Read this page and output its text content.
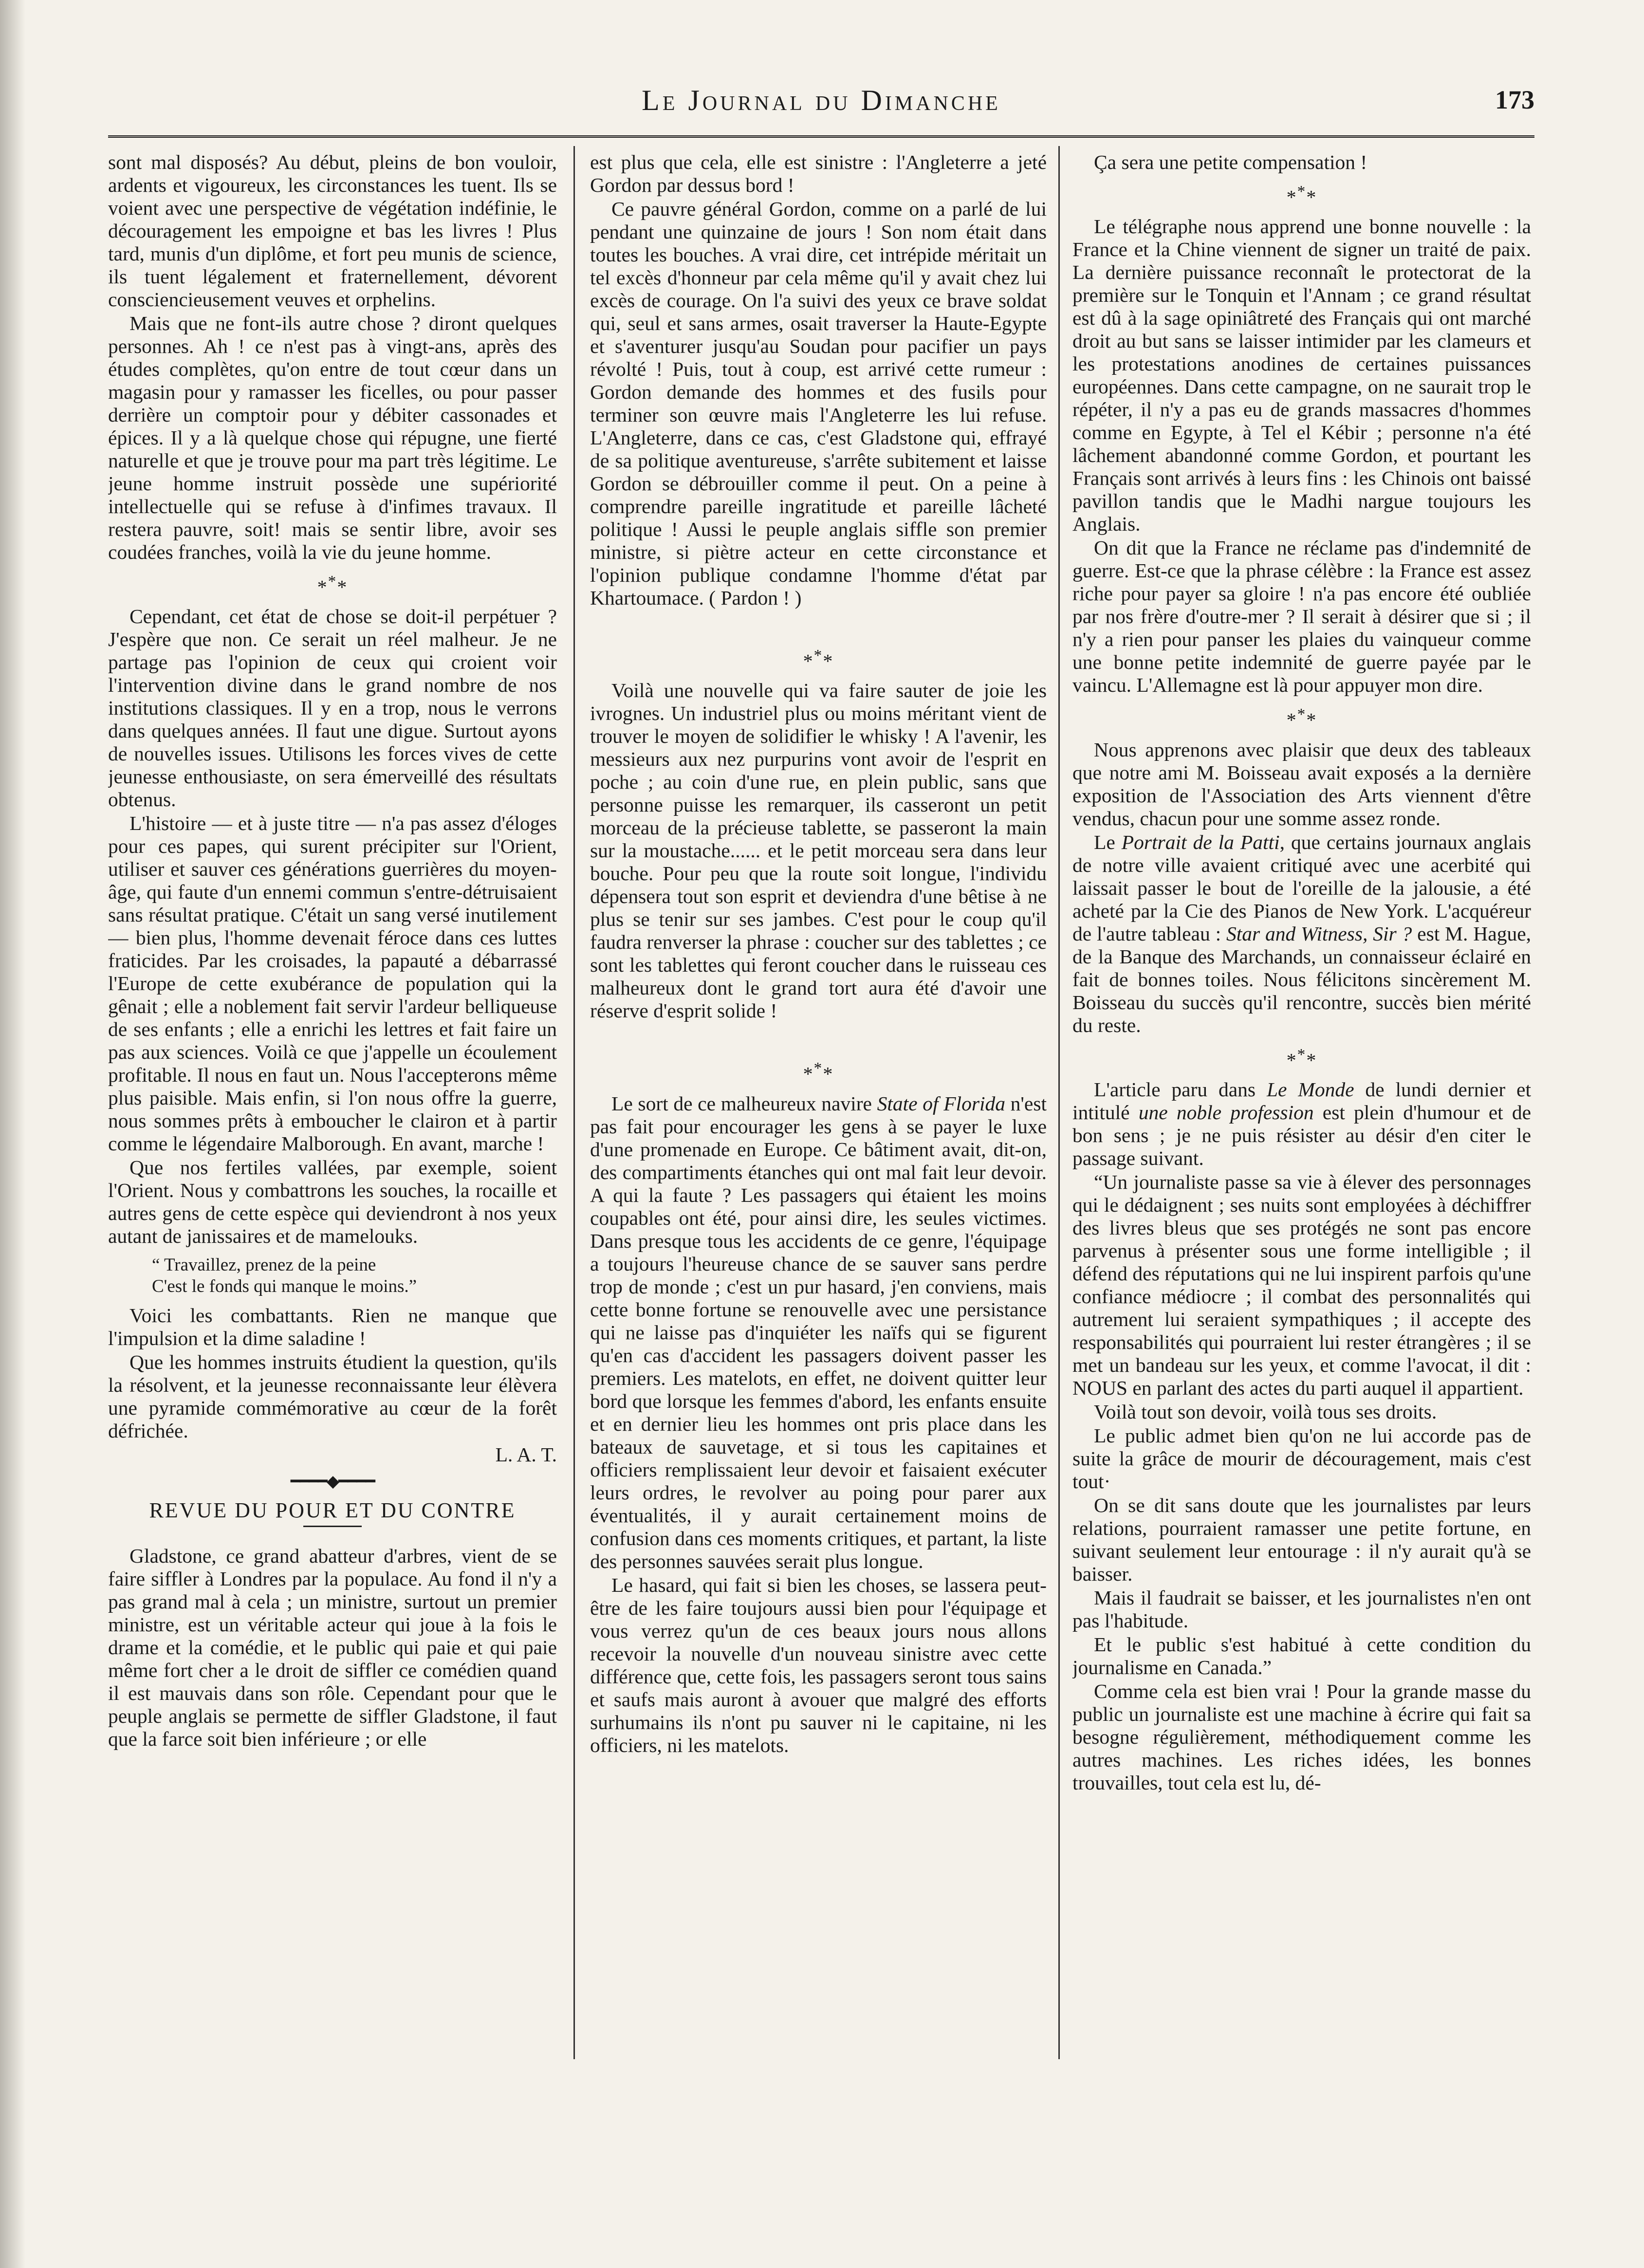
Le Journal du Dimanche	173

sont mal disposés? Au début, pleins de bon vouloir, ardents et vigoureux, les circonstances les tuent. Ils se voient avec une perspective de végétation indéfinie, le découragement les empoigne et bas les livres ! Plus tard, munis d'un diplôme, et fort peu munis de science, ils tuent légalement et fraternellement, dévorent consciencieusement veuves et orphelins.

Mais que ne font-ils autre chose ? diront quelques personnes. Ah ! ce n'est pas à vingt-ans, après des études complètes, qu'on entre de tout cœur dans un magasin pour y ramasser les ficelles, ou pour passer derrière un comptoir pour y débiter cassonades et épices. Il y a là quelque chose qui répugne, une fierté naturelle et que je trouve pour ma part très légitime. Le jeune homme instruit possède une supériorité intellectuelle qui se refuse à d'infimes travaux. Il restera pauvre, soit! mais se sentir libre, avoir ses coudées franches, voilà la vie du jeune homme.

***

Cependant, cet état de chose se doit-il perpétuer ? J'espère que non. Ce serait un réel malheur. Je ne partage pas l'opinion de ceux qui croient voir l'intervention divine dans le grand nombre de nos institutions classiques. Il y en a trop, nous le verrons dans quelques années. Il faut une digue. Surtout ayons de nouvelles issues. Utilisons les forces vives de cette jeunesse enthousiaste, on sera émerveillé des résultats obtenus.

L'histoire — et à juste titre — n'a pas assez d'éloges pour ces papes, qui surent précipiter sur l'Orient, utiliser et sauver ces générations guerrières du moyen-âge, qui faute d'un ennemi commun s'entre-détruisaient sans résultat pratique. C'était un sang versé inutilement— bien plus, l'homme devenait féroce dans ces luttes fraticides. Par les croisades, la papauté a débarrassé l'Europe de cette exubérance de population qui la gênait ; elle a noblement fait servir l'ardeur belliqueuse de ses enfants ; elle a enrichi les lettres et fait faire un pas aux sciences. Voilà ce que j'appelle un écoulement profitable. Il nous en faut un. Nous l'accepterons même plus paisible. Mais enfin, si l'on nous offre la guerre, nous sommes prêts à emboucher le clairon et à partir comme le légendaire Malborough. En avant, marche !

Que nos fertiles vallées, par exemple, soient l'Orient. Nous y combattrons les souches, la rocaille et autres gens de cette espèce qui deviendront à nos yeux autant de janissaires et de mamelouks.

“ Travaillez, prenez de la peine
C'est le fonds qui manque le moins.”

Voici les combattants. Rien ne manque que l'impulsion et la dime saladine !

Que les hommes instruits étudient la question, qu'ils la résolvent, et la jeunesse reconnaissante leur élèvera une pyramide commémorative au cœur de la forêt défrichée.

L. A. T.

━━━━◆━━━━
REVUE DU POUR ET DU CONTRE

Gladstone, ce grand abatteur d'arbres, vient de se faire siffler à Londres par la populace. Au fond il n'y a pas grand mal à cela ; un ministre, surtout un premier ministre, est un véritable acteur qui joue à la fois le drame et la comédie, et le public qui paie et qui paie même fort cher a le droit de siffler ce comédien quand il est mauvais dans son rôle. Cependant pour que le peuple anglais se permette de siffler Gladstone, il faut que la farce soit bien inférieure ; or elle

est plus que cela, elle est sinistre : l'Angleterre a jeté Gordon par dessus bord !

Ce pauvre général Gordon, comme on a parlé de lui pendant une quinzaine de jours ! Son nom était dans toutes les bouches. A vrai dire, cet intrépide méritait un tel excès d'honneur par cela même qu'il y avait chez lui excès de courage. On l'a suivi des yeux ce brave soldat qui, seul et sans armes, osait traverser la Haute-Egypte et s'aventurer jusqu'au Soudan pour pacifier un pays révolté ! Puis, tout à coup, est arrivé cette rumeur : Gordon demande des hommes et des fusils pour terminer son œuvre mais l'Angleterre les lui refuse. L'Angleterre, dans ce cas, c'est Gladstone qui, effrayé de sa politique aventureuse, s'arrête subitement et laisse Gordon se débrouiller comme il peut. On a peine à comprendre pareille ingratitude et pareille lâcheté politique ! Aussi le peuple anglais siffle son premier ministre, si piètre acteur en cette circonstance et l'opinion publique condamne l'homme d'état par Khartoumace. ( Pardon ! )

***

Voilà une nouvelle qui va faire sauter de joie les ivrognes. Un industriel plus ou moins méritant vient de trouver le moyen de solidifier le whisky ! A l'avenir, les messieurs aux nez purpurins vont avoir de l'esprit en poche ; au coin d'une rue, en plein public, sans que personne puisse les remarquer, ils casseront un petit morceau de la précieuse tablette, se passeront la main sur la moustache...... et le petit morceau sera dans leur bouche. Pour peu que la route soit longue, l'individu dépensera tout son esprit et deviendra d'une bêtise à ne plus se tenir sur ses jambes. C'est pour le coup qu'il faudra renverser la phrase : coucher sur des tablettes ; ce sont les tablettes qui feront coucher dans le ruisseau ces malheureux dont le grand tort aura été d'avoir une réserve d'esprit solide !

***

Le sort de ce malheureux navire State of Florida n'est pas fait pour encourager les gens à se payer le luxe d'une promenade en Europe. Ce bâtiment avait, dit-on, des compartiments étanches qui ont mal fait leur devoir. A qui la faute ? Les passagers qui étaient les moins coupables ont été, pour ainsi dire, les seules victimes. Dans presque tous les accidents de ce genre, l'équipage a toujours l'heureuse chance de se sauver sans perdre trop de monde ; c'est un pur hasard, j'en conviens, mais cette bonne fortune se renouvelle avec une persistance qui ne laisse pas d'inquiéter les naïfs qui se figurent qu'en cas d'accident les passagers doivent passer les premiers. Les matelots, en effet, ne doivent quitter leur bord que lorsque les femmes d'abord, les enfants ensuite et en dernier lieu les hommes ont pris place dans les bateaux de sauvetage, et si tous les capitaines et officiers remplissaient leur devoir et faisaient exécuter leurs ordres, le revolver au poing pour parer aux éventualités, il y aurait certainement moins de confusion dans ces moments critiques, et partant, la liste des personnes sauvées serait plus longue.

Le hasard, qui fait si bien les choses, se lassera peut-être de les faire toujours aussi bien pour l'équipage et vous verrez qu'un de ces beaux jours nous allons recevoir la nouvelle d'un nouveau sinistre avec cette différence que, cette fois, les passagers seront tous sains et saufs mais auront à avouer que malgré des efforts surhumains ils n'ont pu sauver ni le capitaine, ni les officiers, ni les matelots.

Ça sera une petite compensation !

***

Le télégraphe nous apprend une bonne nouvelle : la France et la Chine viennent de signer un traité de paix. La dernière puissance reconnaît le protectorat de la première sur le Tonquin et l'Annam ; ce grand résultat est dû à la sage opiniâtreté des Français qui ont marché droit au but sans se laisser intimider par les clameurs et les protestations anodines de certaines puissances européennes. Dans cette campagne, on ne saurait trop le répéter, il n'y a pas eu de grands massacres d'hommes comme en Egypte, à Tel el Kébir ; personne n'a été lâchement abandonné comme Gordon, et pourtant les Français sont arrivés à leurs fins : les Chinois ont baissé pavillon tandis que le Madhi narguе toujours les Anglais.

On dit que la France ne réclame pas d'indemnité de guerre. Est-ce que la phrase célèbre : la France est assez riche pour payer sa gloire ! n'a pas encore été oubliée par nos frère d'outre-mer ? Il serait à désirer que si ; il n'y a rien pour panser les plaies du vainqueur comme une bonne petite indemnité de guerre payée par le vaincu. L'Allemagne est là pour appuyer mon dire.

***

Nous apprenons avec plaisir que deux des tableaux que notre ami M. Boisseau avait exposés a la dernière exposition de l'Association des Arts viennent d'être vendus, chacun pour une somme assez ronde.

Le Portrait de la Patti, que certains journaux anglais de notre ville avaient critiqué avec une acerbité qui laissait passer le bout de l'oreille de la jalousie, a été acheté par la Cie des Pianos de New York. L'acquéreur de l'autre tableau : Star and Witness, Sir ? est M. Hague, de la Banque des Marchands, un connaisseur éclairé en fait de bonnes toiles. Nous félicitons sincèrement M. Boisseau du succès qu'il rencontre, succès bien mérité du reste.

***

L'article paru dans Le Monde de lundi dernier et intitulé une noble profession est plein d'humour et de bon sens ; je ne puis résister au désir d'en citer le passage suivant.

“Un journaliste passe sa vie à élever des personnages qui le dédaignent ; ses nuits sont employées à déchiffrer des livres bleus que ses protégés ne sont pas encore parvenus à présenter sous une forme intelligible ; il défend des réputations qui ne lui inspirent parfois qu'une confiance médiocre ; il combat des personnalités qui autrement lui seraient sympathiques ; il accepte des responsabilités qui pourraient lui rester étrangères ; il se met un bandeau sur les yeux, et comme l'avocat, il dit : NOUS en parlant des actes du parti auquel il appartient.

Voilà tout son devoir, voilà tous ses droits.

Le public admet bien qu'on ne lui accorde pas de suite la grâce de mourir de découragement, mais c'est tout·

On se dit sans doute que les journalistes par leurs relations, pourraient ramasser une petite fortune, en suivant seulement leur entourage : il n'y aurait qu'à se baisser.

Mais il faudrait se baisser, et les journalistes n'en ont pas l'habitude.

Et le public s'est habitué à cette condition du journalisme en Canada.”

Comme cela est bien vrai ! Pour la grande masse du public un journaliste est une machine à écrire qui fait sa besogne régulièrement, méthodiquement comme les autres machines. Les riches idées, les bonnes trouvailles, tout cela est lu, dé-
